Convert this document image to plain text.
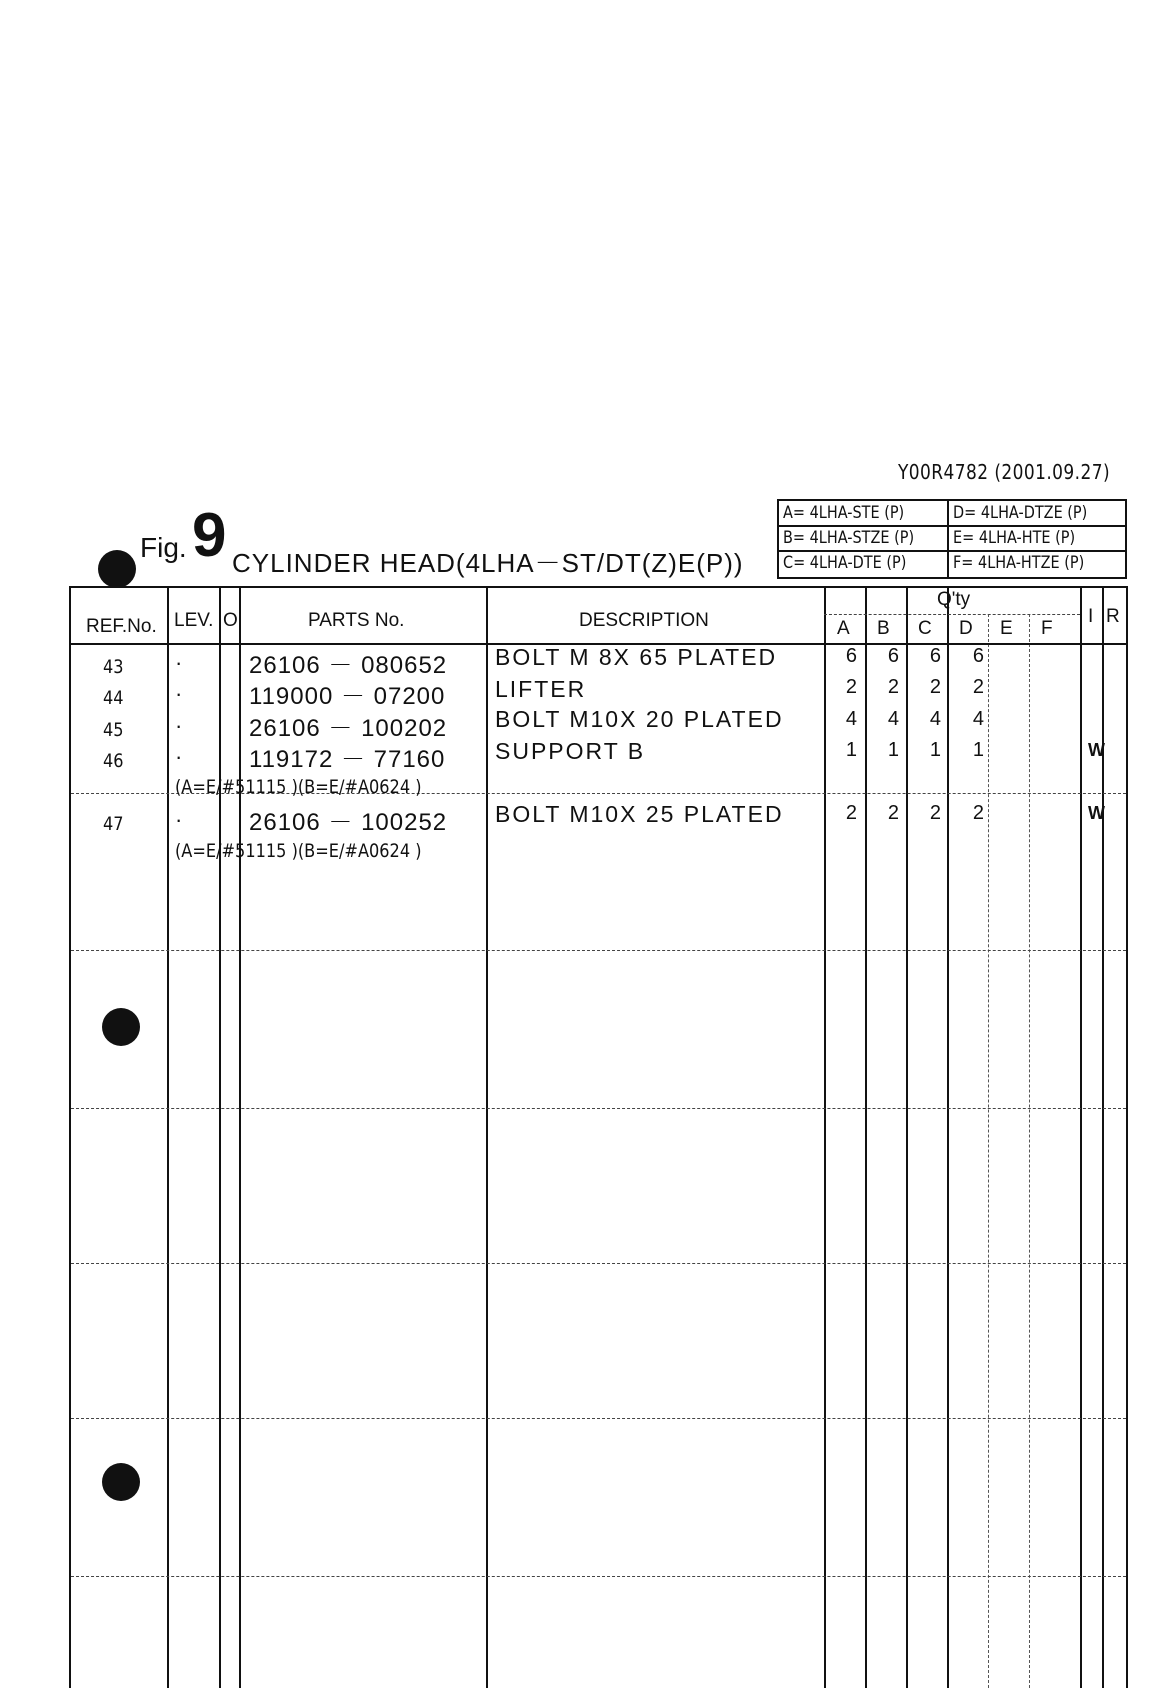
Y00R4782 (2001.09.27)
Fig. 9 CYLINDER HEAD(4LHA－ST/DT(Z)E(P))
A= 4LHA-STE (P)
B= 4LHA-STZE (P)
C= 4LHA-DTE (P)
D= 4LHA-DTZE (P)
E= 4LHA-HTE (P)
F= 4LHA-HTZE (P)
REF.No. LEV. O	PARTS No.	DESCRIPTION
Q'ty
A B C D E F
I R
43 ·	26106 － 080652 BOLT M 8X 65 PLATED	6	6	6	6
44 ·	119000 － 07200 LIFTER	2	2	2	2
45 ·	26106 － 100202 BOLT M10X 20 PLATED	4	4	4	4
46 ·	119172 － 77160 SUPPORT B	1	1	1	1	W
(A=E/#51115 )(B=E/#A0624 )
47 ·	26106 － 100252 BOLT M10X 25 PLATED	2	2	2	2	W
(A=E/#51115 )(B=E/#A0624 )
